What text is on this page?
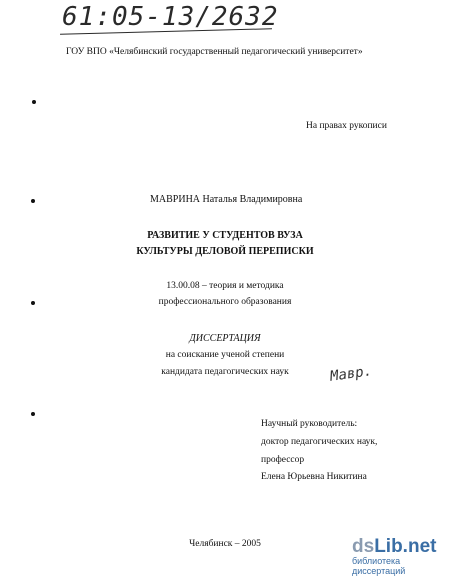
61:05-13/2632
ГОУ ВПО «Челябинский государственный педагогический университет»
На правах рукописи
МАВРИНА Наталья Владимировна
РАЗВИТИЕ У СТУДЕНТОВ ВУЗА
КУЛЬТУРЫ ДЕЛОВОЙ ПЕРЕПИСКИ
13.00.08 – теория и методика
профессионального образования
ДИССЕРТАЦИЯ
на соискание ученой степени
кандидата педагогических наук	Мавр.
Научный руководитель:
доктор педагогических наук,
профессор
Елена Юрьевна Никитина
Челябинск – 2005	dsLib.net
библиотека диссертаций
